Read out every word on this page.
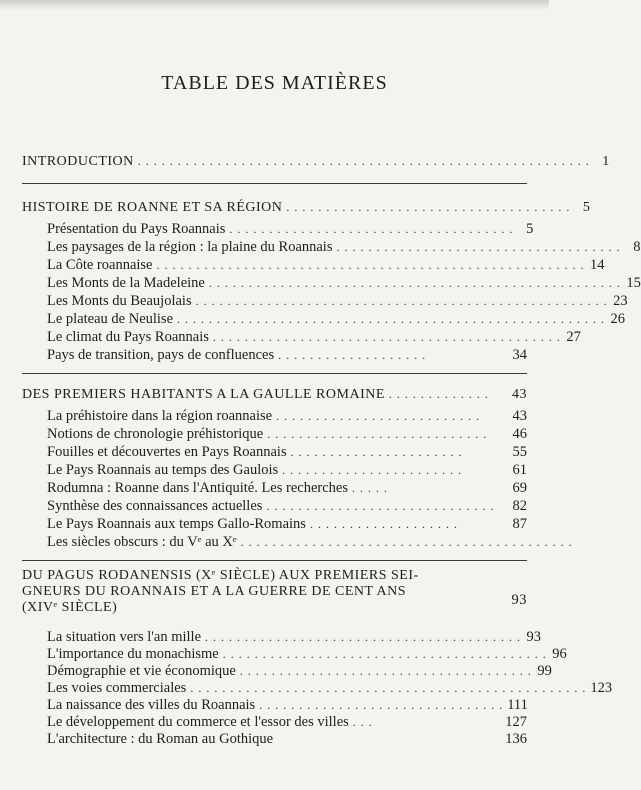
TABLE DES MATIÈRES
INTRODUCTION . . . . . . . . . . . . . . . . . . . . . . . . . . . . . . . . . . . . . . . . . . . . . . . . . . . . . . . . . 1
HISTOIRE DE ROANNE ET SA RÉGION . . . . . . . . . . . . . . . . . . . . . . . . . . . . . . . . . . . . 5
Présentation du Pays Roannais . . . . . . . . . . . . . . . . . . . . . . . . . . . . . . . . . . . . 5
Les paysages de la région : la plaine du Roannais . . . . . . . . . . . . . . . . . . . . . . . . . . . . . . . . . . . . 8
La Côte roannaise . . . . . . . . . . . . . . . . . . . . . . . . . . . . . . . . . . . . . . . . . . . . . . . . . . . . . . 14
Les Monts de la Madeleine . . . . . . . . . . . . . . . . . . . . . . . . . . . . . . . . . . . . . . . . . . . . . . . . . . . . 15
Les Monts du Beaujolais . . . . . . . . . . . . . . . . . . . . . . . . . . . . . . . . . . . . . . . . . . . . . . . . . . . . 23
Le plateau de Neulise . . . . . . . . . . . . . . . . . . . . . . . . . . . . . . . . . . . . . . . . . . . . . . . . . . . . . . 26
Le climat du Pays Roannais . . . . . . . . . . . . . . . . . . . . . . . . . . . . . . . . . . . . . . . . . . . . 27
Pays de transition, pays de confluences . . . . . . . . . . . . . . . . . . .	34
DES PREMIERS HABITANTS A LA GAULLE ROMAINE . . . . . . . . . . . . .	43
La préhistoire dans la région roannaise . . . . . . . . . . . . . . . . . . . . . . . . . .	43
Notions de chronologie préhistorique . . . . . . . . . . . . . . . . . . . . . . . . . . . .	46
Fouilles et découvertes en Pays Roannais . . . . . . . . . . . . . . . . . . . . . .	55
Le Pays Roannais au temps des Gaulois . . . . . . . . . . . . . . . . . . . . . . .	61
Rodumna : Roanne dans l'Antiquité. Les recherches . . . . .	69
Synthèse des connaissances actuelles . . . . . . . . . . . . . . . . . . . . . . . . . . . . .	82
Le Pays Roannais aux temps Gallo-Romains . . . . . . . . . . . . . . . . . . .	87
Les siècles obscurs : du Vᵉ au Xᵉ . . . . . . . . . . . . . . . . . . . . . . . . . . . . . . . . . . . . . . . . . .
DU PAGUS RODANENSIS (Xᵉ SIÈCLE) AUX PREMIERS SEI-
GNEURS DU ROANNAIS ET A LA GUERRE DE CENT ANS
(XIVᵉ SIÈCLE)	93
La situation vers l'an mille . . . . . . . . . . . . . . . . . . . . . . . . . . . . . . . . . . . . . . . . 93
L'importance du monachisme . . . . . . . . . . . . . . . . . . . . . . . . . . . . . . . . . . . . . . . . . 96
Démographie et vie économique . . . . . . . . . . . . . . . . . . . . . . . . . . . . . . . . . . . . . 99
Les voies commerciales . . . . . . . . . . . . . . . . . . . . . . . . . . . . . . . . . . . . . . . . . . . . . . . . . . 123
La naissance des villes du Roannais . . . . . . . . . . . . . . . . . . . . . . . . . . . . . . . 111
Le développement du commerce et l'essor des villes . . .	127
L'architecture : du Roman au Gothique	136
